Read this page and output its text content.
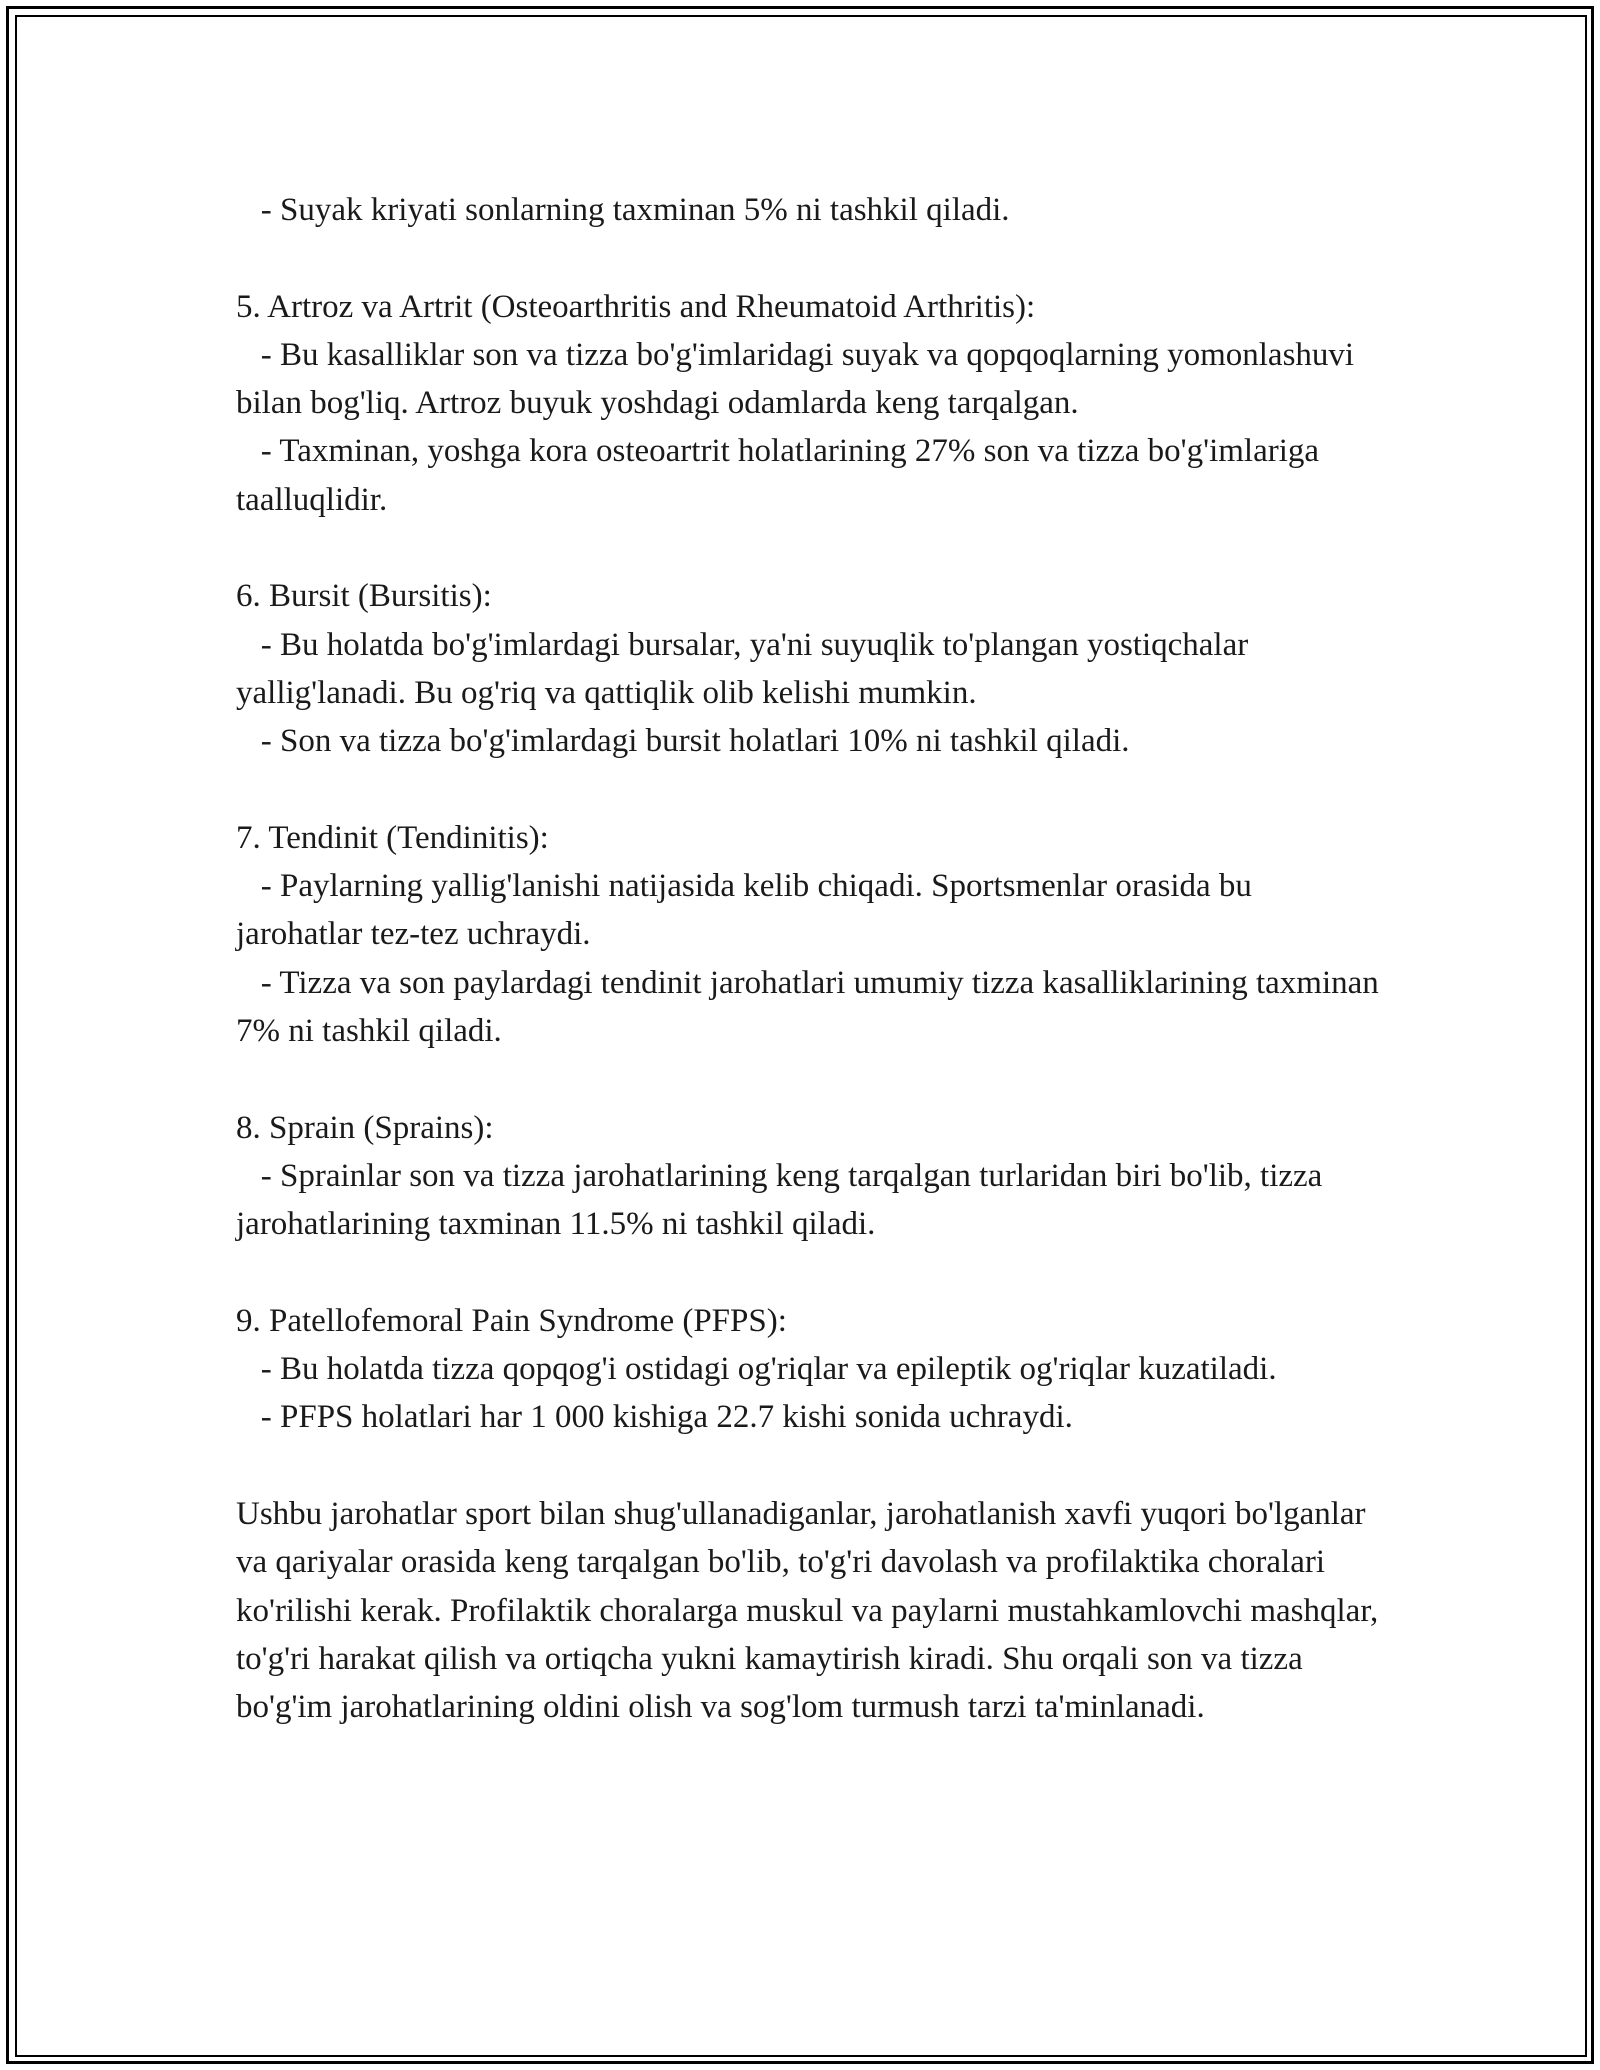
- Suyak kriyati sonlarning taxminan 5% ni tashkil qiladi.

5. Artroz va Artrit (Osteoarthritis and Rheumatoid Arthritis):

- Bu kasalliklar son va tizza bo'g'imlaridagi suyak va qopqoqlarning yomonlashuvi bilan bog'liq. Artroz buyuk yoshdagi odamlarda keng tarqalgan.

- Taxminan, yoshga kora osteoartrit holatlarining 27% son va tizza bo'g'imlariga taalluqlidir.

6. Bursit (Bursitis):

- Bu holatda bo'g'imlardagi bursalar, ya'ni suyuqlik to'plangan yostiqchalar yallig'lanadi. Bu og'riq va qattiqlik olib kelishi mumkin.

- Son va tizza bo'g'imlardagi bursit holatlari 10% ni tashkil qiladi.

7. Tendinit (Tendinitis):

- Paylarning yallig'lanishi natijasida kelib chiqadi. Sportsmenlar orasida bu jarohatlar tez-tez uchraydi.

- Tizza va son paylardagi tendinit jarohatlari umumiy tizza kasalliklarining taxminan 7% ni tashkil qiladi.

8. Sprain (Sprains):

- Sprainlar son va tizza jarohatlarining keng tarqalgan turlaridan biri bo'lib, tizza jarohatlarining taxminan 11.5% ni tashkil qiladi.

9. Patellofemoral Pain Syndrome (PFPS):

- Bu holatda tizza qopqog'i ostidagi og'riqlar va epileptik og'riqlar kuzatiladi.

- PFPS holatlari har 1 000 kishiga 22.7 kishi sonida uchraydi.

Ushbu jarohatlar sport bilan shug'ullanadiganlar, jarohatlanish xavfi yuqori bo'lganlar va qariyalar orasida keng tarqalgan bo'lib, to'g'ri davolash va profilaktika choralari ko'rilishi kerak. Profilaktik choralarga muskul va paylarni mustahkamlovchi mashqlar, to'g'ri harakat qilish va ortiqcha yukni kamaytirish kiradi. Shu orqali son va tizza bo'g'im jarohatlarining oldini olish va sog'lom turmush tarzi ta'minlanadi.
